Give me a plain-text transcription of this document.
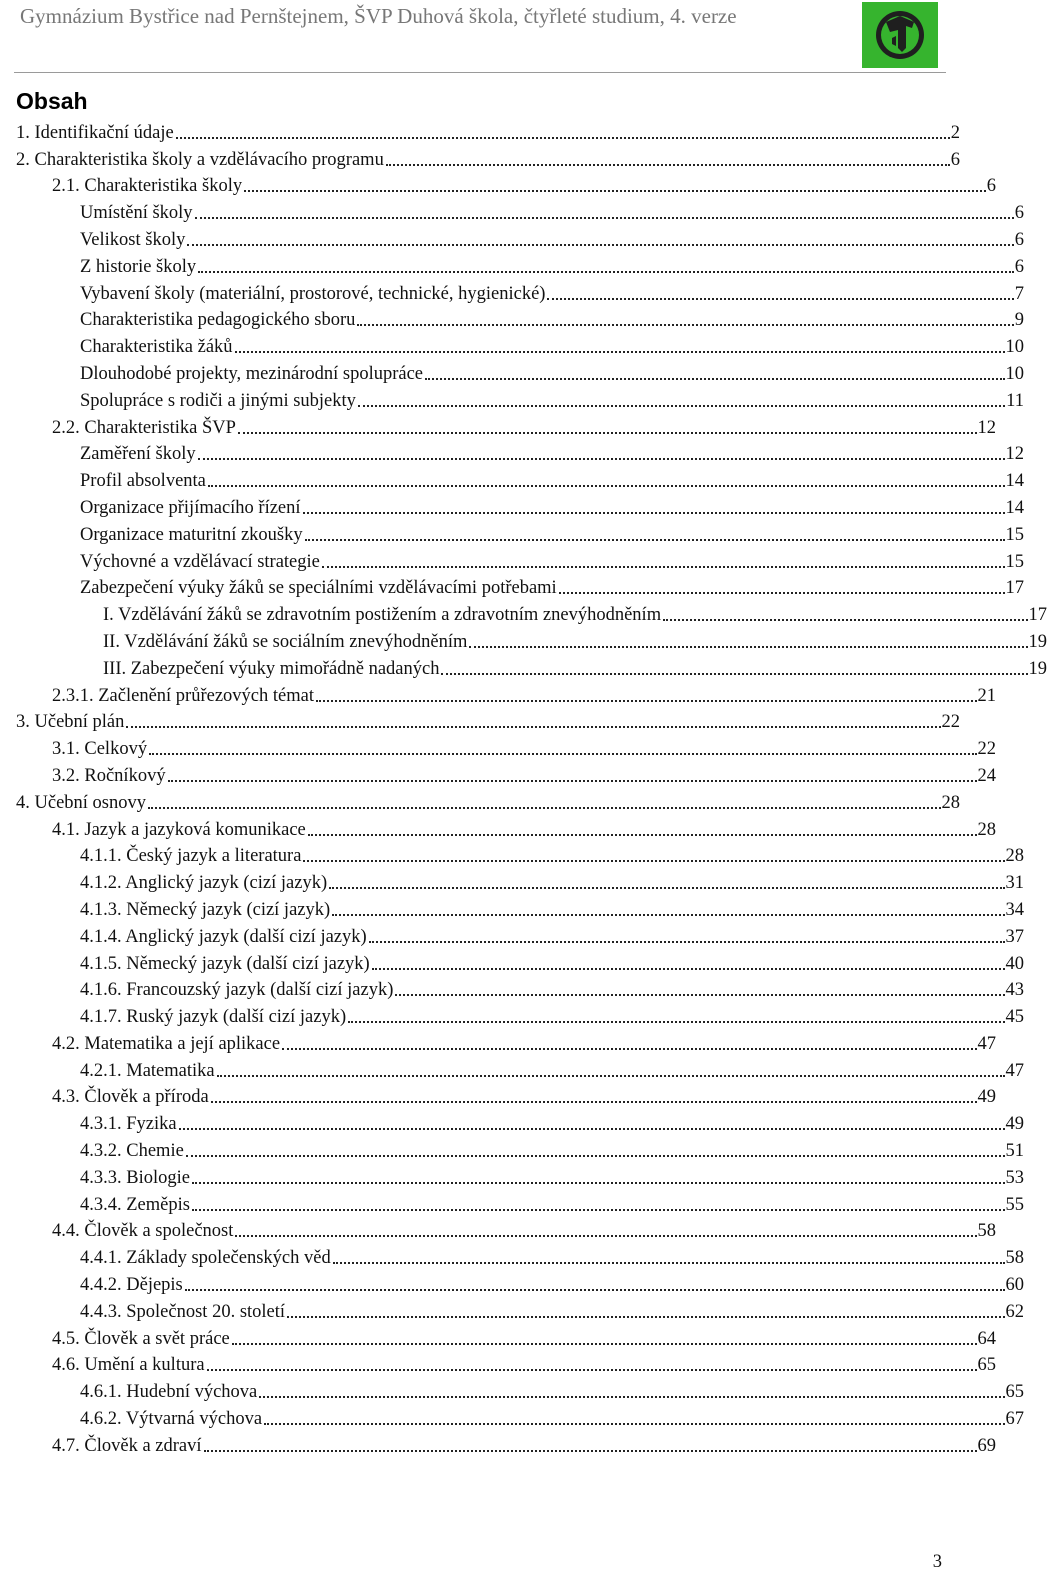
Gymnázium Bystřice nad Pernštejnem, ŠVP Duhová škola, čtyřleté studium, 4. verze
Obsah
1. Identifikační údaje	2
2. Charakteristika školy a vzdělávacího programu	6
2.1. Charakteristika školy	6
Umístění školy	6
Velikost školy	6
Z historie školy	6
Vybavení školy (materiální, prostorové, technické, hygienické)	7
Charakteristika pedagogického sboru	9
Charakteristika žáků	10
Dlouhodobé projekty, mezinárodní spolupráce	10
Spolupráce s rodiči a jinými subjekty	11
2.2. Charakteristika ŠVP	12
Zaměření školy	12
Profil absolventa	14
Organizace přijímacího řízení	14
Organizace maturitní zkoušky	15
Výchovné a vzdělávací strategie	15
Zabezpečení výuky žáků se speciálními vzdělávacími potřebami	17
I. Vzdělávání žáků se zdravotním postižením a zdravotním znevýhodněním	17
II. Vzdělávání žáků se sociálním znevýhodněním	19
III. Zabezpečení výuky mimořádně nadaných	19
2.3.1. Začlenění průřezových témat	21
3. Učební plán	22
3.1. Celkový	22
3.2. Ročníkový	24
4. Učební osnovy	28
4.1. Jazyk a jazyková komunikace	28
4.1.1. Český jazyk a literatura	28
4.1.2. Anglický jazyk (cizí jazyk)	31
4.1.3. Německý jazyk (cizí jazyk)	34
4.1.4. Anglický jazyk (další cizí jazyk)	37
4.1.5. Německý jazyk (další cizí jazyk)	40
4.1.6. Francouzský jazyk (další cizí jazyk)	43
4.1.7. Ruský jazyk (další cizí jazyk)	45
4.2. Matematika a její aplikace	47
4.2.1. Matematika	47
4.3. Člověk a příroda	49
4.3.1. Fyzika	49
4.3.2. Chemie	51
4.3.3. Biologie	53
4.3.4. Zeměpis	55
4.4. Člověk a společnost	58
4.4.1. Základy společenských věd	58
4.4.2. Dějepis	60
4.4.3. Společnost 20. století	62
4.5. Člověk a svět práce	64
4.6. Umění a kultura	65
4.6.1. Hudební výchova	65
4.6.2. Výtvarná výchova	67
4.7. Člověk a zdraví	69
3
